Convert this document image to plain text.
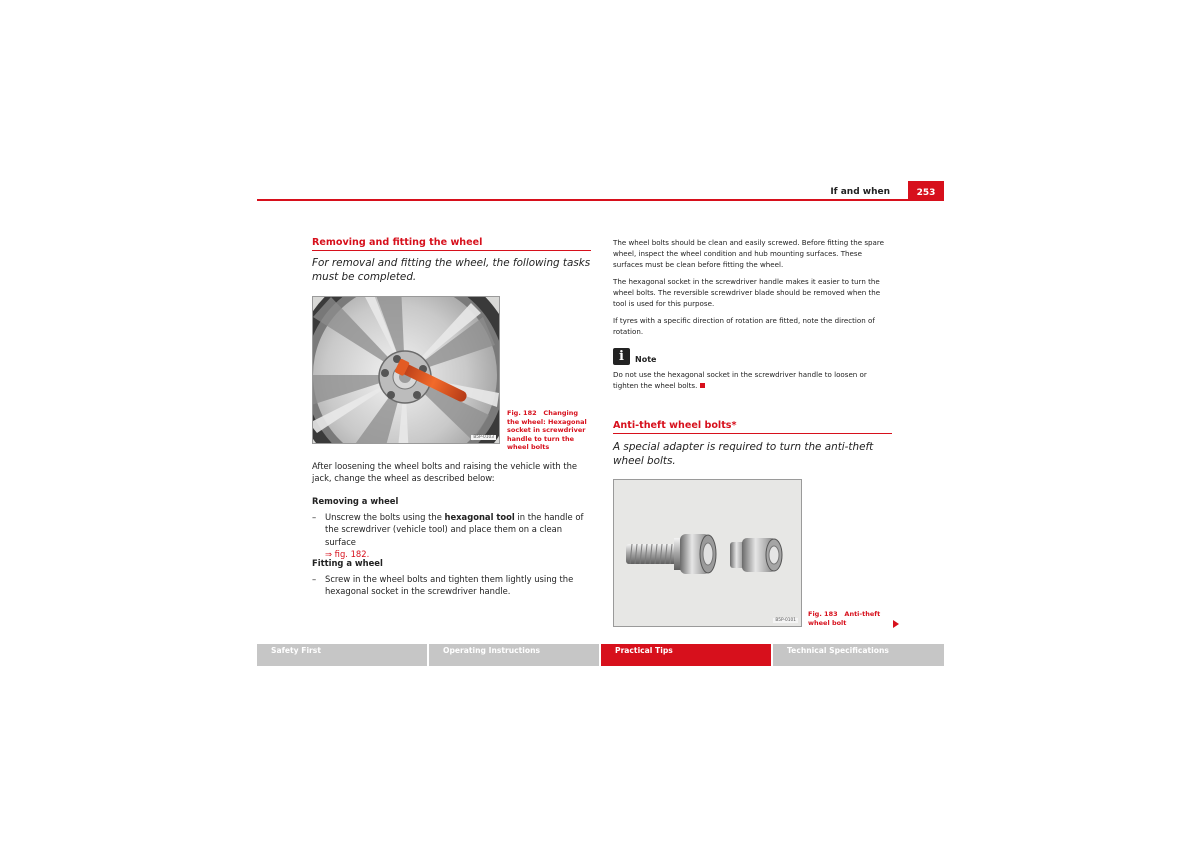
If and when	253
Removing and fitting the wheel
For removal and fitting the wheel, the following tasks must be completed.
B5P-0103
Fig. 182 Changing the wheel: Hexagonal socket in screwdriver handle to turn the wheel bolts
After loosening the wheel bolts and raising the vehicle with the jack, change the wheel as described below:
Removing a wheel
–	Unscrew the bolts using the hexagonal tool in the handle of the screwdriver (vehicle tool) and place them on a clean surface
⇒ fig. 182.
Fitting a wheel
–	Screw in the wheel bolts and tighten them lightly using the hexagonal socket in the screwdriver handle.
The wheel bolts should be clean and easily screwed. Before fitting the spare wheel, inspect the wheel condition and hub mounting surfaces. These surfaces must be clean before fitting the wheel.
The hexagonal socket in the screwdriver handle makes it easier to turn the wheel bolts. The reversible screwdriver blade should be removed when the tool is used for this purpose.
If tyres with a specific direction of rotation are fitted, note the direction of rotation.
i	Note
Do not use the hexagonal socket in the screwdriver handle to loosen or tighten the wheel bolts.
Anti-theft wheel bolts*
A special adapter is required to turn the anti-theft wheel bolts.
B5P-0101
Fig. 183 Anti-theft wheel bolt
Safety First	Operating Instructions	Practical Tips	Technical Specifications
